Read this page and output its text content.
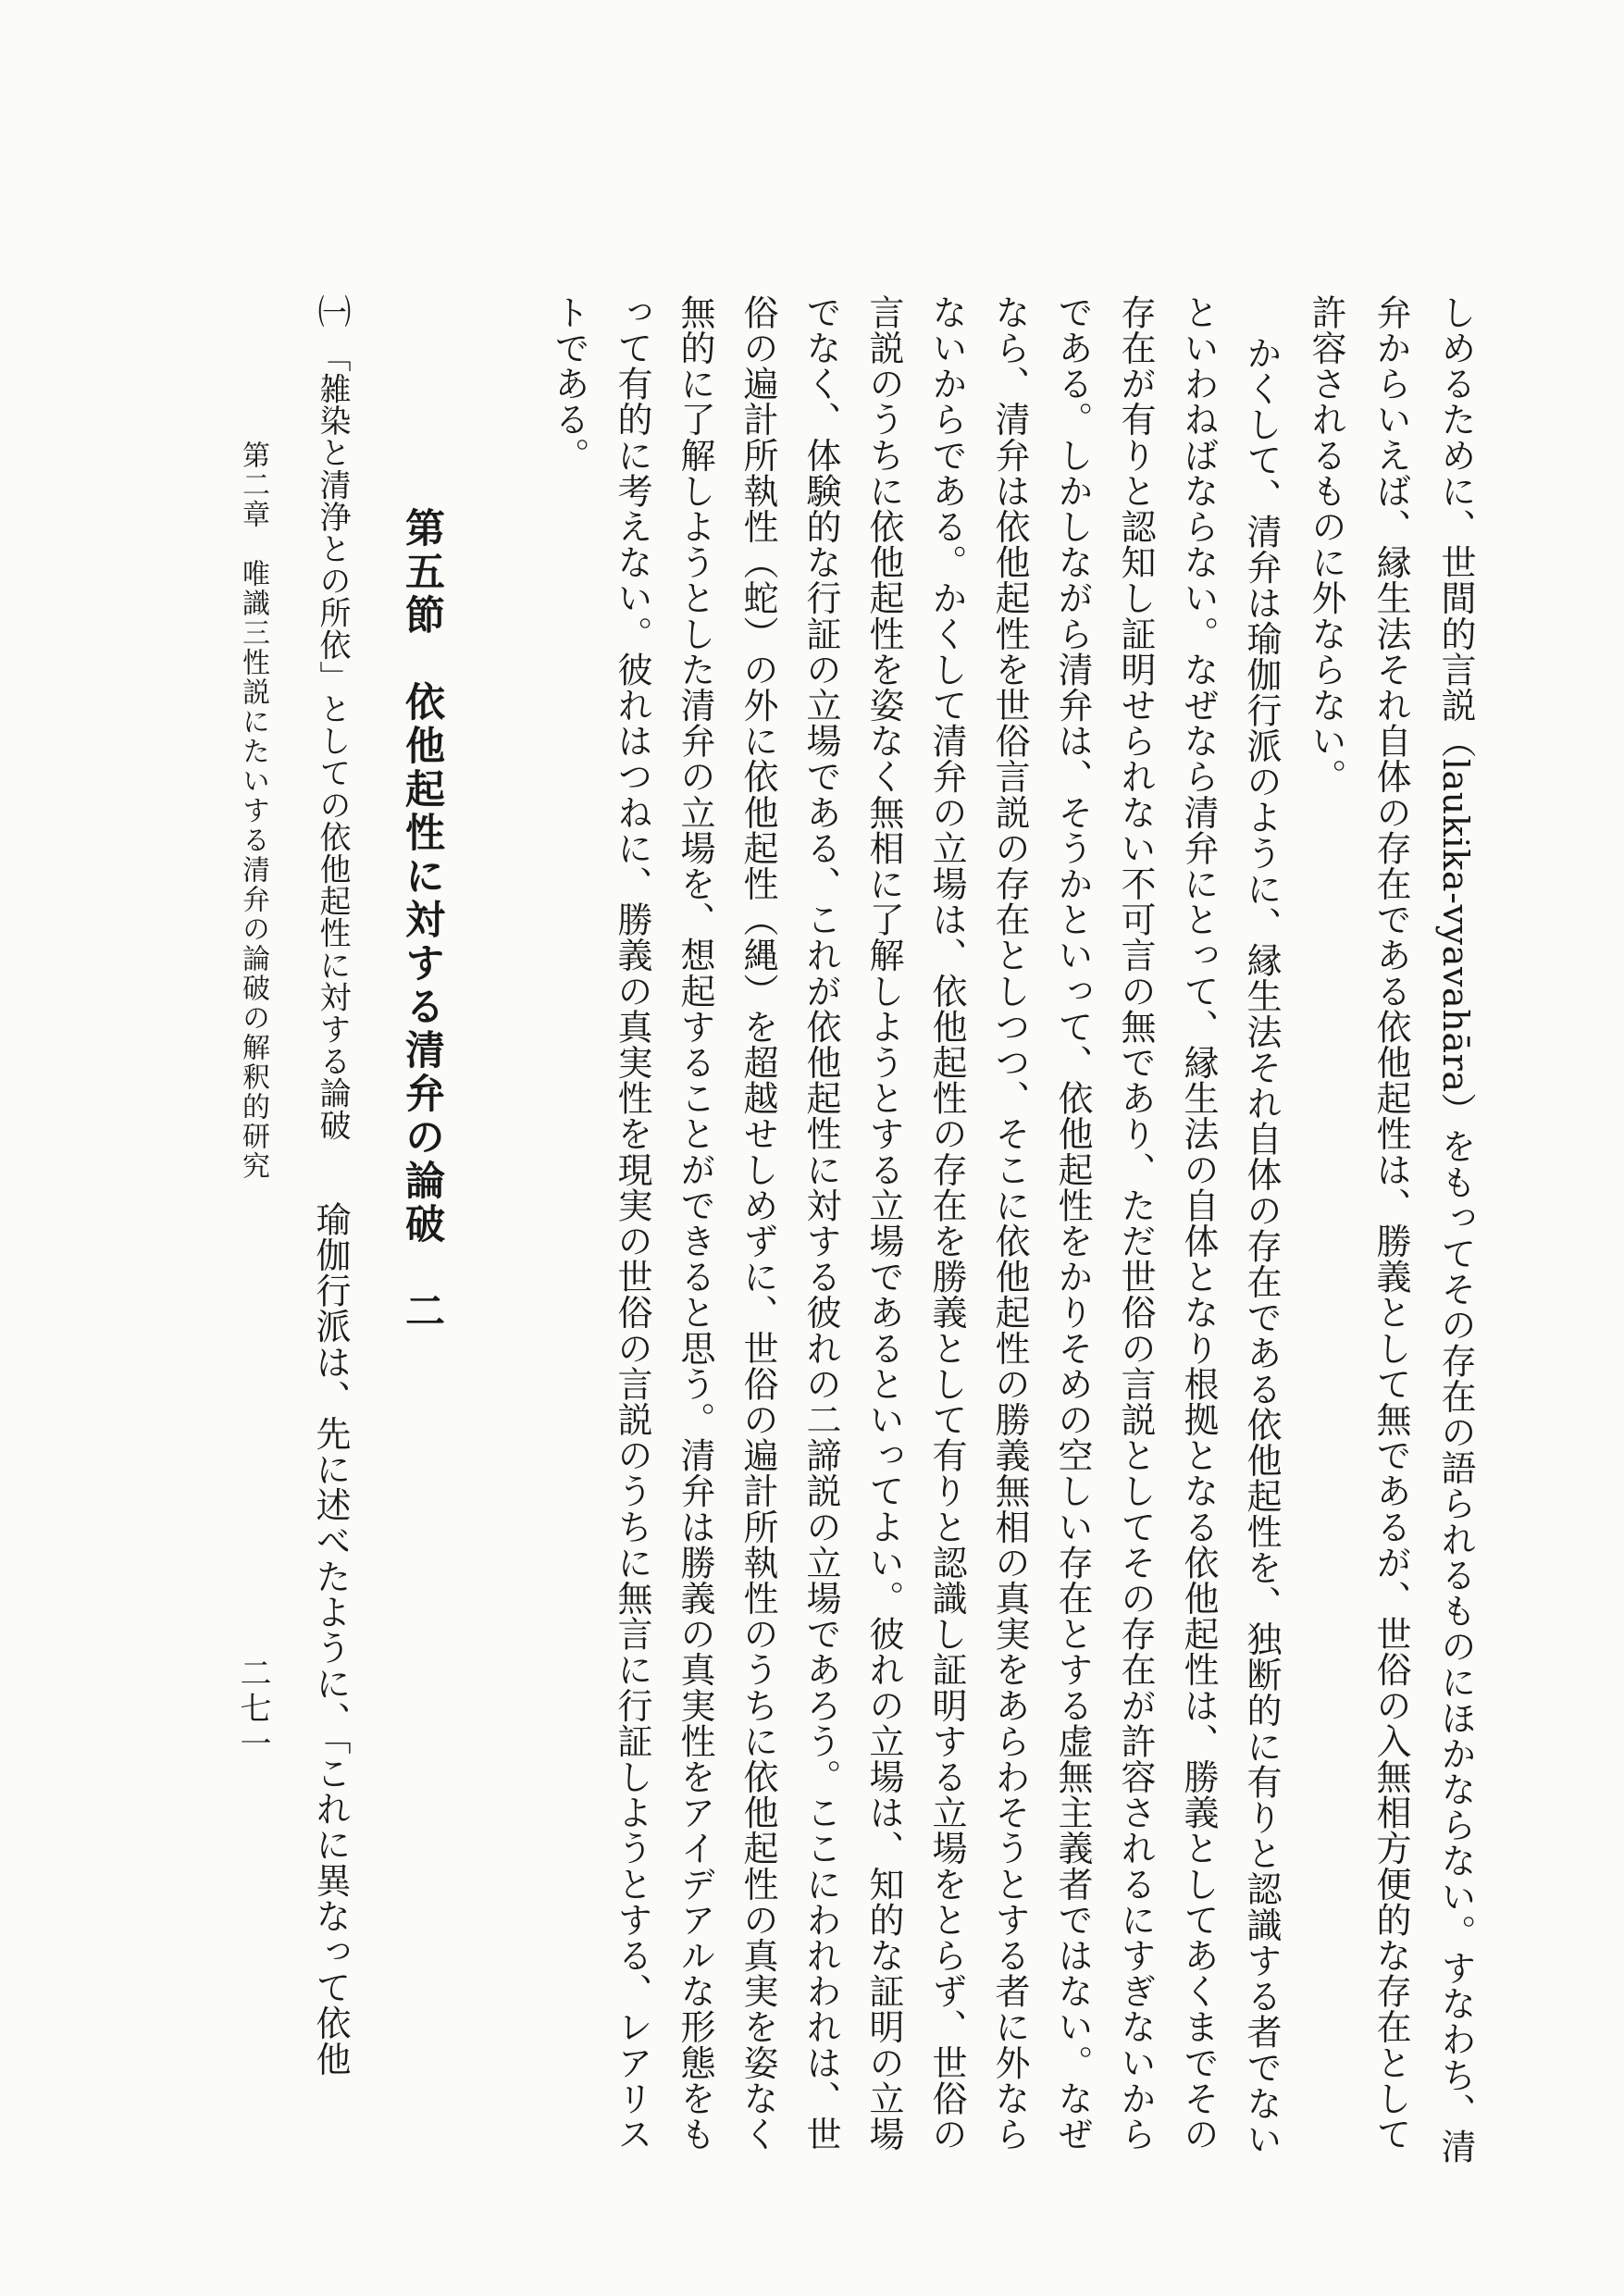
しめるために、世間的言説（laukika-vyavahāra）をもってその存在の語られるものにほかならない。すなわち、清
弁からいえば、縁生法それ自体の存在である依他起性は、勝義として無であるが、世俗の入無相方便的な存在として
許容されるものに外ならない。
かくして、清弁は瑜伽行派のように、縁生法それ自体の存在である依他起性を、独断的に有りと認識する者でない
といわねばならない。なぜなら清弁にとって、縁生法の自体となり根拠となる依他起性は、勝義としてあくまでその
存在が有りと認知し証明せられない不可言の無であり、ただ世俗の言説としてその存在が許容されるにすぎないから
である。しかしながら清弁は、そうかといって、依他起性をかりそめの空しい存在とする虚無主義者ではない。なぜ
なら、清弁は依他起性を世俗言説の存在としつつ、そこに依他起性の勝義無相の真実をあらわそうとする者に外なら
ないからである。かくして清弁の立場は、依他起性の存在を勝義として有りと認識し証明する立場をとらず、世俗の
言説のうちに依他起性を姿なく無相に了解しようとする立場であるといってよい。彼れの立場は、知的な証明の立場
でなく、体験的な行証の立場である、これが依他起性に対する彼れの二諦説の立場であろう。ここにわれわれは、世
俗の遍計所執性（蛇）の外に依他起性（縄）を超越せしめずに、世俗の遍計所執性のうちに依他起性の真実を姿なく
無的に了解しようとした清弁の立場を、想起することができると思う。清弁は勝義の真実性をアイデアルな形態をも
って有的に考えない。彼れはつねに、勝義の真実性を現実の世俗の言説のうちに無言に行証しようとする、レアリス
トである。
第五節　依他起性に対する清弁の論破　二
㈠
「雑染と清浄との所依」としての依他起性に対する論破
瑜伽行派は、先に述べたように、「これに異なって依他
第二章　唯識三性説にたいする清弁の論破の解釈的研究
二七一
